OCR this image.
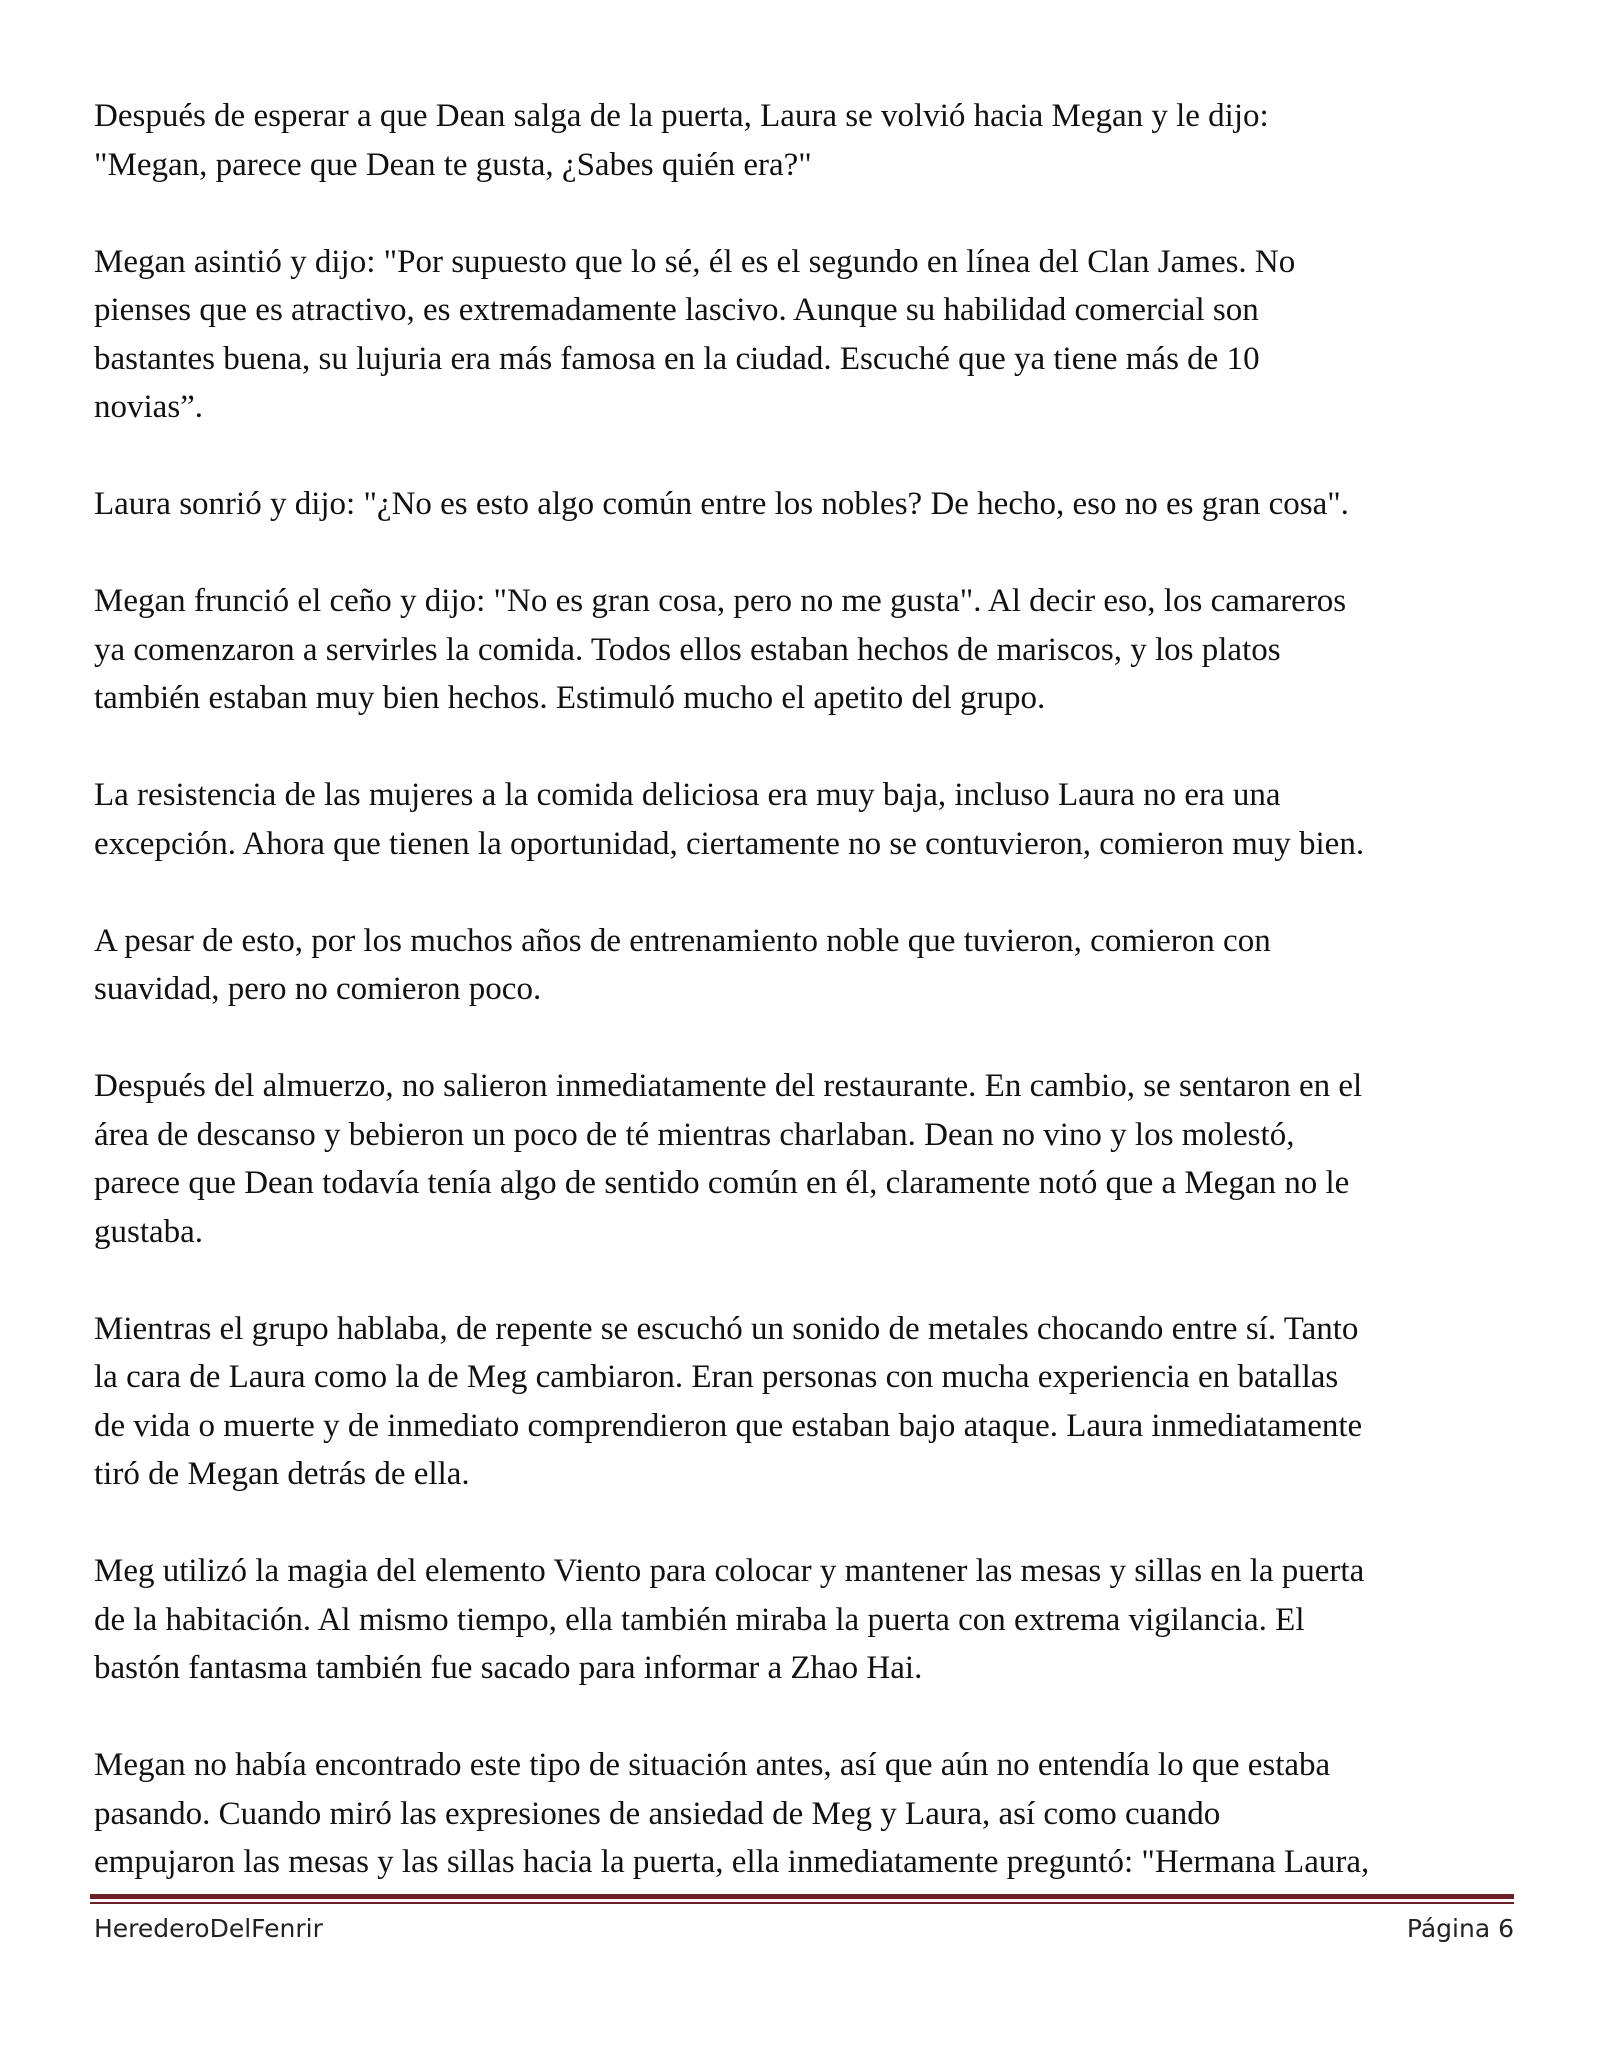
Después de esperar a que Dean salga de la puerta, Laura se volvió hacia Megan y le dijo:
"Megan, parece que Dean te gusta, ¿Sabes quién era?"

Megan asintió y dijo: "Por supuesto que lo sé, él es el segundo en línea del Clan James. No
pienses que es atractivo, es extremadamente lascivo. Aunque su habilidad comercial son
bastantes buena, su lujuria era más famosa en la ciudad. Escuché que ya tiene más de 10
novias”.

Laura sonrió y dijo: "¿No es esto algo común entre los nobles? De hecho, eso no es gran cosa".

Megan frunció el ceño y dijo: "No es gran cosa, pero no me gusta". Al decir eso, los camareros
ya comenzaron a servirles la comida. Todos ellos estaban hechos de mariscos, y los platos
también estaban muy bien hechos. Estimuló mucho el apetito del grupo.

La resistencia de las mujeres a la comida deliciosa era muy baja, incluso Laura no era una
excepción. Ahora que tienen la oportunidad, ciertamente no se contuvieron, comieron muy bien.

A pesar de esto, por los muchos años de entrenamiento noble que tuvieron, comieron con
suavidad, pero no comieron poco.

Después del almuerzo, no salieron inmediatamente del restaurante. En cambio, se sentaron en el
área de descanso y bebieron un poco de té mientras charlaban. Dean no vino y los molestó,
parece que Dean todavía tenía algo de sentido común en él, claramente notó que a Megan no le
gustaba.

Mientras el grupo hablaba, de repente se escuchó un sonido de metales chocando entre sí. Tanto
la cara de Laura como la de Meg cambiaron. Eran personas con mucha experiencia en batallas
de vida o muerte y de inmediato comprendieron que estaban bajo ataque. Laura inmediatamente
tiró de Megan detrás de ella.

Meg utilizó la magia del elemento Viento para colocar y mantener las mesas y sillas en la puerta
de la habitación. Al mismo tiempo, ella también miraba la puerta con extrema vigilancia. El
bastón fantasma también fue sacado para informar a Zhao Hai.

Megan no había encontrado este tipo de situación antes, así que aún no entendía lo que estaba
pasando. Cuando miró las expresiones de ansiedad de Meg y Laura, así como cuando
empujaron las mesas y las sillas hacia la puerta, ella inmediatamente preguntó: "Hermana Laura,

HerederoDelFenrir	Página 6
